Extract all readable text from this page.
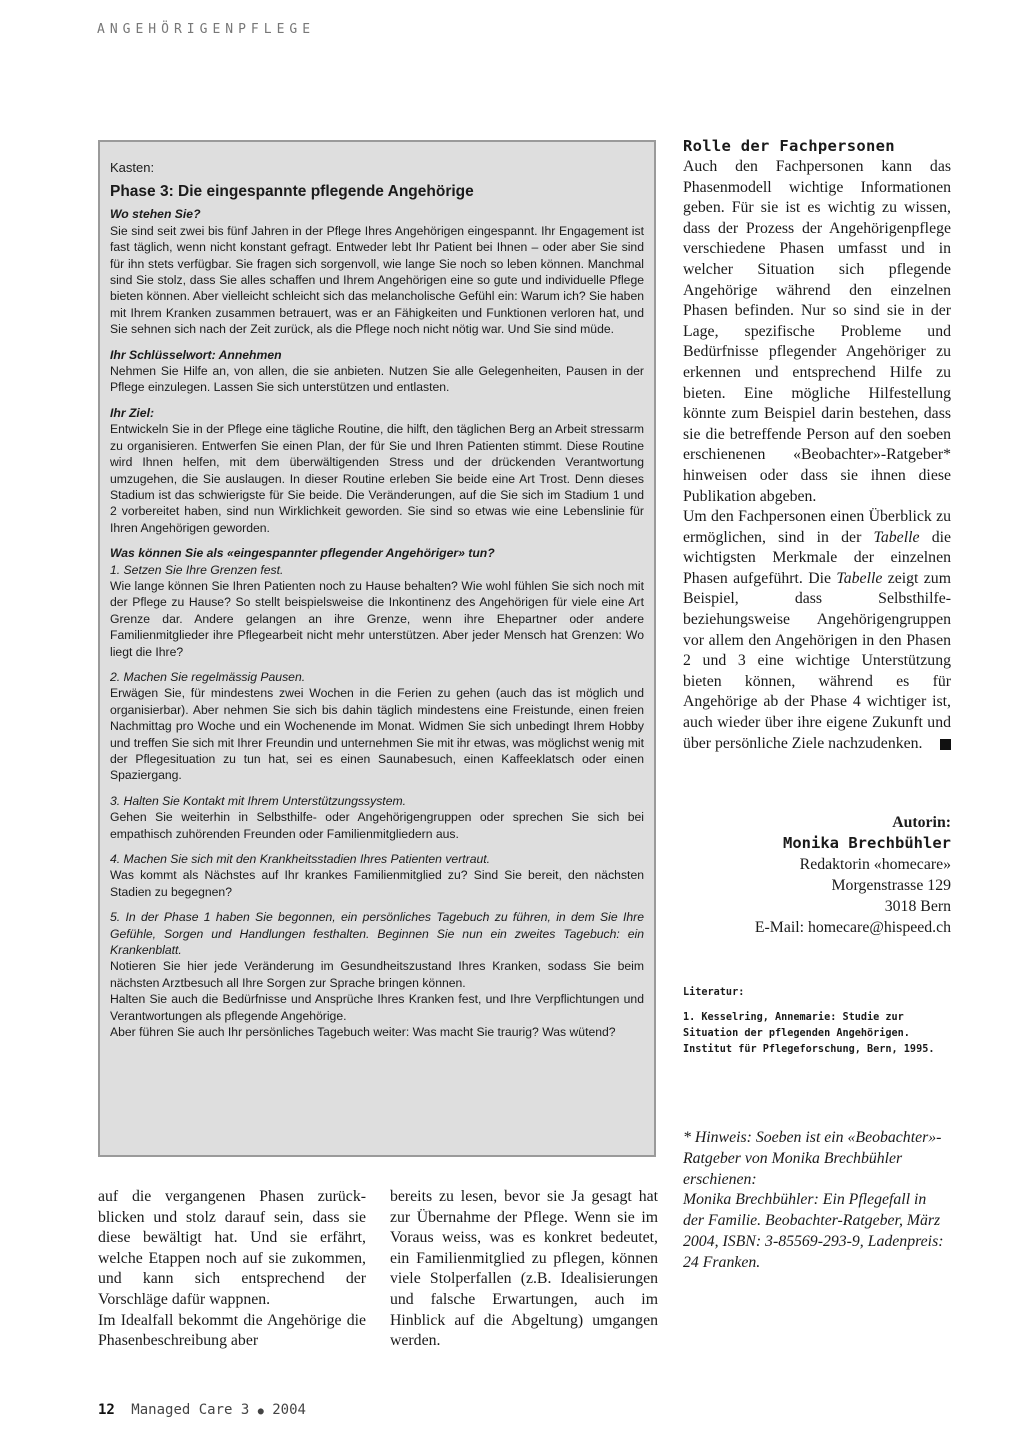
ANGEHÖRIGENPFLEGE
Kasten:
Phase 3: Die eingespannte pflegende Angehörige
Wo stehen Sie?

Sie sind seit zwei bis fünf Jahren in der Pflege Ihres Angehörigen eingespannt. Ihr Engagement ist fast täglich, wenn nicht konstant gefragt. Entweder lebt Ihr Patient bei Ihnen – oder aber Sie sind für ihn stets verfügbar. Sie fragen sich sorgenvoll, wie lange Sie noch so leben können. Manchmal sind Sie stolz, dass Sie alles schaffen und Ihrem Angehörigen eine so gute und individuelle Pflege bieten können. Aber vielleicht schleicht sich das melancholische Gefühl ein: Warum ich? Sie haben mit Ihrem Kranken zusammen betrauert, was er an Fähigkeiten und Funktionen verloren hat, und Sie sehnen sich nach der Zeit zurück, als die Pflege noch nicht nötig war. Und Sie sind müde.

Ihr Schlüsselwort: Annehmen

Nehmen Sie Hilfe an, von allen, die sie anbieten. Nutzen Sie alle Gelegenheiten, Pausen in der Pflege einzulegen. Lassen Sie sich unterstützen und entlasten.

Ihr Ziel:

Entwickeln Sie in der Pflege eine tägliche Routine, die hilft, den täglichen Berg an Arbeit stressarm zu organisieren. Entwerfen Sie einen Plan, der für Sie und Ihren Patienten stimmt. Diese Routine wird Ihnen helfen, mit dem überwältigenden Stress und der drückenden Verantwortung umzugehen, die Sie auslaugen. In dieser Routine erleben Sie beide eine Art Trost. Denn dieses Stadium ist das schwierigste für Sie beide. Die Veränderungen, auf die Sie sich im Stadium 1 und 2 vorbereitet haben, sind nun Wirklichkeit geworden. Sie sind so etwas wie eine Lebenslinie für Ihren Angehörigen geworden.

Was können Sie als «eingespannter pflegender Angehöriger» tun?
1. Setzen Sie Ihre Grenzen fest.

Wie lange können Sie Ihren Patienten noch zu Hause behalten? Wie wohl fühlen Sie sich noch mit der Pflege zu Hause? So stellt beispielsweise die Inkontinenz des Angehörigen für viele eine Art Grenze dar. Andere gelangen an ihre Grenze, wenn ihre Ehepartner oder andere Familienmitglieder ihre Pflegearbeit nicht mehr unterstützen. Aber jeder Mensch hat Grenzen: Wo liegt die Ihre?

2. Machen Sie regelmässig Pausen.

Erwägen Sie, für mindestens zwei Wochen in die Ferien zu gehen (auch das ist möglich und organisierbar). Aber nehmen Sie sich bis dahin täglich mindestens eine Freistunde, einen freien Nachmittag pro Woche und ein Wochenende im Monat. Widmen Sie sich unbedingt Ihrem Hobby und treffen Sie sich mit Ihrer Freundin und unternehmen Sie mit ihr etwas, was möglichst wenig mit der Pflegesituation zu tun hat, sei es einen Saunabesuch, einen Kaffeeklatsch oder einen Spaziergang.

3. Halten Sie Kontakt mit Ihrem Unterstützungssystem.

Gehen Sie weiterhin in Selbsthilfe- oder Angehörigengruppen oder sprechen Sie sich bei empathisch zuhörenden Freunden oder Familienmitgliedern aus.

4. Machen Sie sich mit den Krankheitsstadien Ihres Patienten vertraut.

Was kommt als Nächstes auf Ihr krankes Familienmitglied zu? Sind Sie bereit, den nächsten Stadien zu begegnen?

5. In der Phase 1 haben Sie begonnen, ein persönliches Tagebuch zu führen, in dem Sie Ihre Gefühle, Sorgen und Handlungen festhalten. Beginnen Sie nun ein zweites Tagebuch: ein Krankenblatt.

Notieren Sie hier jede Veränderung im Gesundheitszustand Ihres Kranken, sodass Sie beim nächsten Arztbesuch all Ihre Sorgen zur Sprache bringen können.

Halten Sie auch die Bedürfnisse und Ansprüche Ihres Kranken fest, und Ihre Verpflichtungen und Verantwortungen als pflegende Angehörige.

Aber führen Sie auch Ihr persönliches Tagebuch weiter: Was macht Sie traurig? Was wütend?

auf die vergangenen Phasen zurückblicken und stolz darauf sein, dass sie diese bewältigt hat. Und sie erfährt, welche Etappen noch auf sie zukommen, und kann sich entsprechend der Vorschläge dafür wappnen.

Im Idealfall bekommt die Angehörige die Phasenbeschreibung aber

bereits zu lesen, bevor sie Ja gesagt hat zur Übernahme der Pflege. Wenn sie im Voraus weiss, was es konkret bedeutet, ein Familienmitglied zu pflegen, können viele Stolperfallen (z.B. Idealisierungen und falsche Erwartungen, auch im Hinblick auf die Abgeltung) umgangen werden.

Rolle der Fachpersonen

Auch den Fachpersonen kann das Phasenmodell wichtige Informationen geben. Für sie ist es wichtig zu wissen, dass der Prozess der Angehörigenpflege verschiedene Phasen umfasst und in welcher Situation sich pflegende Angehörige während den einzelnen Phasen befinden. Nur so sind sie in der Lage, spezifische Probleme und Bedürfnisse pflegender Angehöriger zu erkennen und entsprechend Hilfe zu bieten. Eine mögliche Hilfestellung könnte zum Beispiel darin bestehen, dass sie die betreffende Person auf den soeben erschienenen «Beobachter»-Ratgeber* hinweisen oder dass sie ihnen diese Publikation abgeben.

Um den Fachpersonen einen Überblick zu ermöglichen, sind in der Tabelle die wichtigsten Merkmale der einzelnen Phasen aufgeführt. Die Tabelle zeigt zum Beispiel, dass Selbsthilfe- beziehungsweise Angehörigengruppen vor allem den Angehörigen in den Phasen 2 und 3 eine wichtige Unterstützung bieten können, während es für Angehörige ab der Phase 4 wichtiger ist, auch wieder über ihre eigene Zukunft und über persönliche Ziele nachzudenken.

Autorin:
Monika Brechbühler
Redaktorin «homecare»
Morgenstrasse 129
3018 Bern
E-Mail: homecare@hispeed.ch
Literatur:
1. Kesselring, Annemarie: Studie zur Situation der pflegenden Angehörigen. Institut für Pflegeforschung, Bern, 1995.

* Hinweis: Soeben ist ein «Beobachter»-Ratgeber von Monika Brechbühler erschienen:

Monika Brechbühler: Ein Pflegefall in der Familie. Beobachter-Ratgeber, März 2004, ISBN: 3-85569-293-9, Ladenpreis: 24 Franken.

12 Managed Care 3 ● 2004
